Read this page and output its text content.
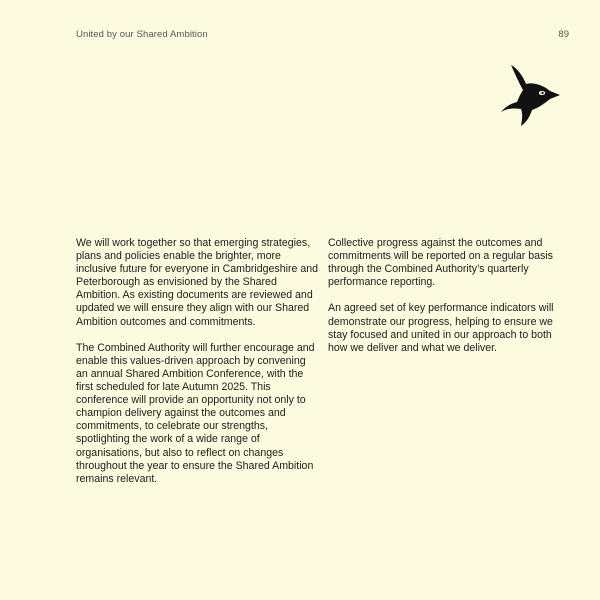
United by our Shared Ambition	89

We will work together so that emerging strategies, plans and policies enable the brighter, more inclusive future for everyone in Cambridgeshire and Peterborough as envisioned by the Shared Ambition. As existing documents are reviewed and updated we will ensure they align with our Shared Ambition outcomes and commitments.

The Combined Authority will further encourage and enable this values-driven approach by convening an annual Shared Ambition Conference, with the first scheduled for late Autumn 2025. This conference will provide an opportunity not only to champion delivery against the outcomes and commitments, to celebrate our strengths, spotlighting the work of a wide range of organisations, but also to reflect on changes throughout the year to ensure the Shared Ambition remains relevant.

Collective progress against the outcomes and commitments will be reported on a regular basis through the Combined Authority’s quarterly performance reporting.

An agreed set of key performance indicators will demonstrate our progress, helping to ensure we stay focused and united in our approach to both how we deliver and what we deliver.
